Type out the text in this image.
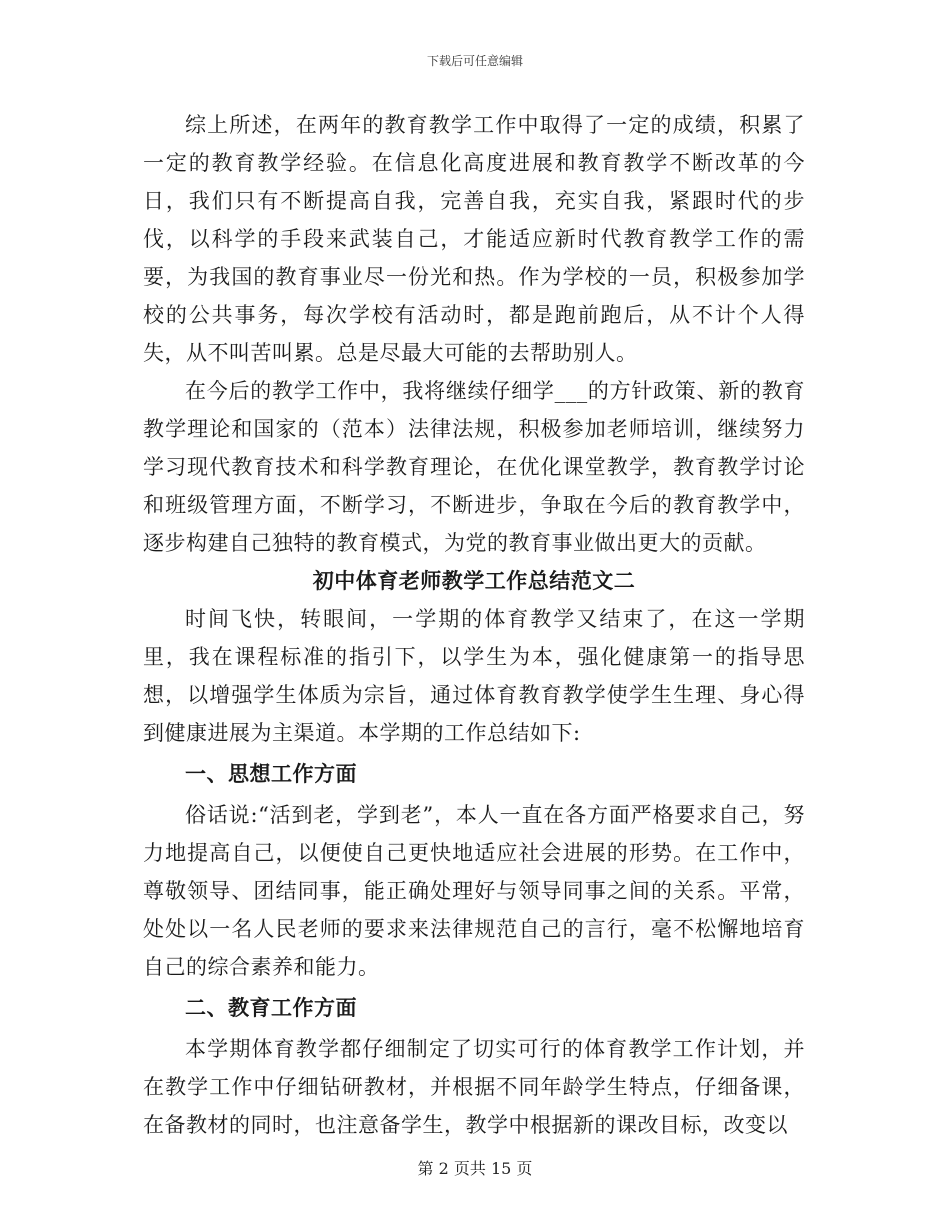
下载后可任意编辑

综上所述，在两年的教育教学工作中取得了一定的成绩，积累了一定的教育教学经验。在信息化高度进展和教育教学不断改革的今日，我们只有不断提高自我，完善自我，充实自我，紧跟时代的步伐，以科学的手段来武装自己，才能适应新时代教育教学工作的需要，为我国的教育事业尽一份光和热。作为学校的一员，积极参加学校的公共事务，每次学校有活动时，都是跑前跑后，从不计个人得失，从不叫苦叫累。总是尽最大可能的去帮助别人。

在今后的教学工作中，我将继续仔细学___的方针政策、新的教育教学理论和国家的（范本）法律法规，积极参加老师培训，继续努力学习现代教育技术和科学教育理论，在优化课堂教学，教育教学讨论和班级管理方面，不断学习，不断进步，争取在今后的教育教学中，逐步构建自己独特的教育模式，为党的教育事业做出更大的贡献。

初中体育老师教学工作总结范文二

时间飞快，转眼间，一学期的体育教学又结束了，在这一学期里，我在课程标准的指引下，以学生为本，强化健康第一的指导思想，以增强学生体质为宗旨，通过体育教育教学使学生生理、身心得到健康进展为主渠道。本学期的工作总结如下:

一、思想工作方面

俗话说:“活到老，学到老”，本人一直在各方面严格要求自己，努力地提高自己，以便使自己更快地适应社会进展的形势。在工作中，尊敬领导、团结同事，能正确处理好与领导同事之间的关系。平常，处处以一名人民老师的要求来法律规范自己的言行，毫不松懈地培育自己的综合素养和能力。

二、教育工作方面

本学期体育教学都仔细制定了切实可行的体育教学工作计划，并在教学工作中仔细钻研教材，并根据不同年龄学生特点，仔细备课，在备教材的同时，也注意备学生，教学中根据新的课改目标，改变以

第 2 页共 15 页
